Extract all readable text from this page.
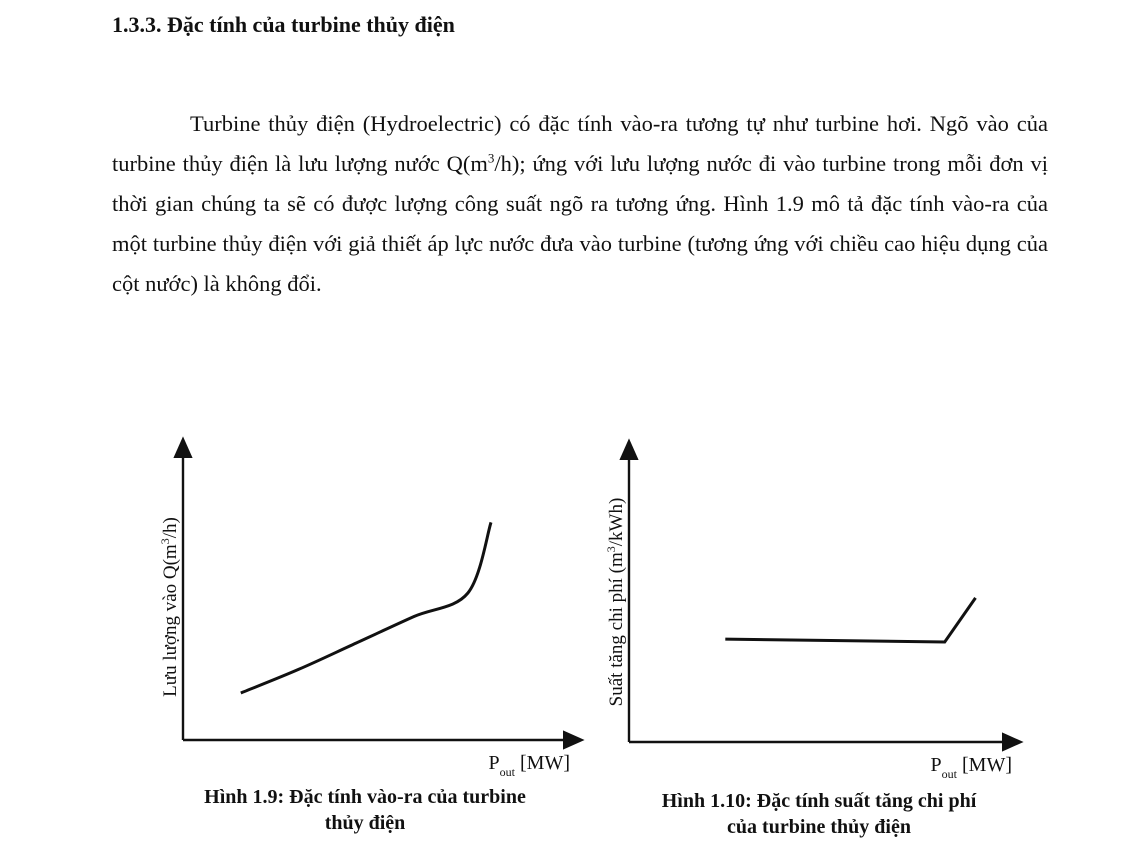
1.3.3. Đặc tính của turbine thủy điện

Turbine thủy điện (Hydroelectric) có đặc tính vào-ra tương tự như turbine hơi. Ngõ vào của turbine thủy điện là lưu lượng nước $Q(m^3/h)$; ứng với lưu lượng nước đi vào turbine trong mỗi đơn vị thời gian chúng ta sẽ có được lượng công suất ngõ ra tương ứng. Hình 1.9 mô tả đặc tính vào-ra của một turbine thủy điện với giả thiết áp lực nước đưa vào turbine (tương ứng với chiều cao hiệu dụng của cột nước) là không đổi.

Lưu lượng vào $Q(m^3/h)$
$P_{out}$ [MW]
Hình 1.9: Đặc tính vào-ra của turbine
thủy điện
Suất tăng chi phí $(m^3/kWh)$
$P_{out}$ [MW]
Hình 1.10: Đặc tính suất tăng chi phí
của turbine thủy điện
